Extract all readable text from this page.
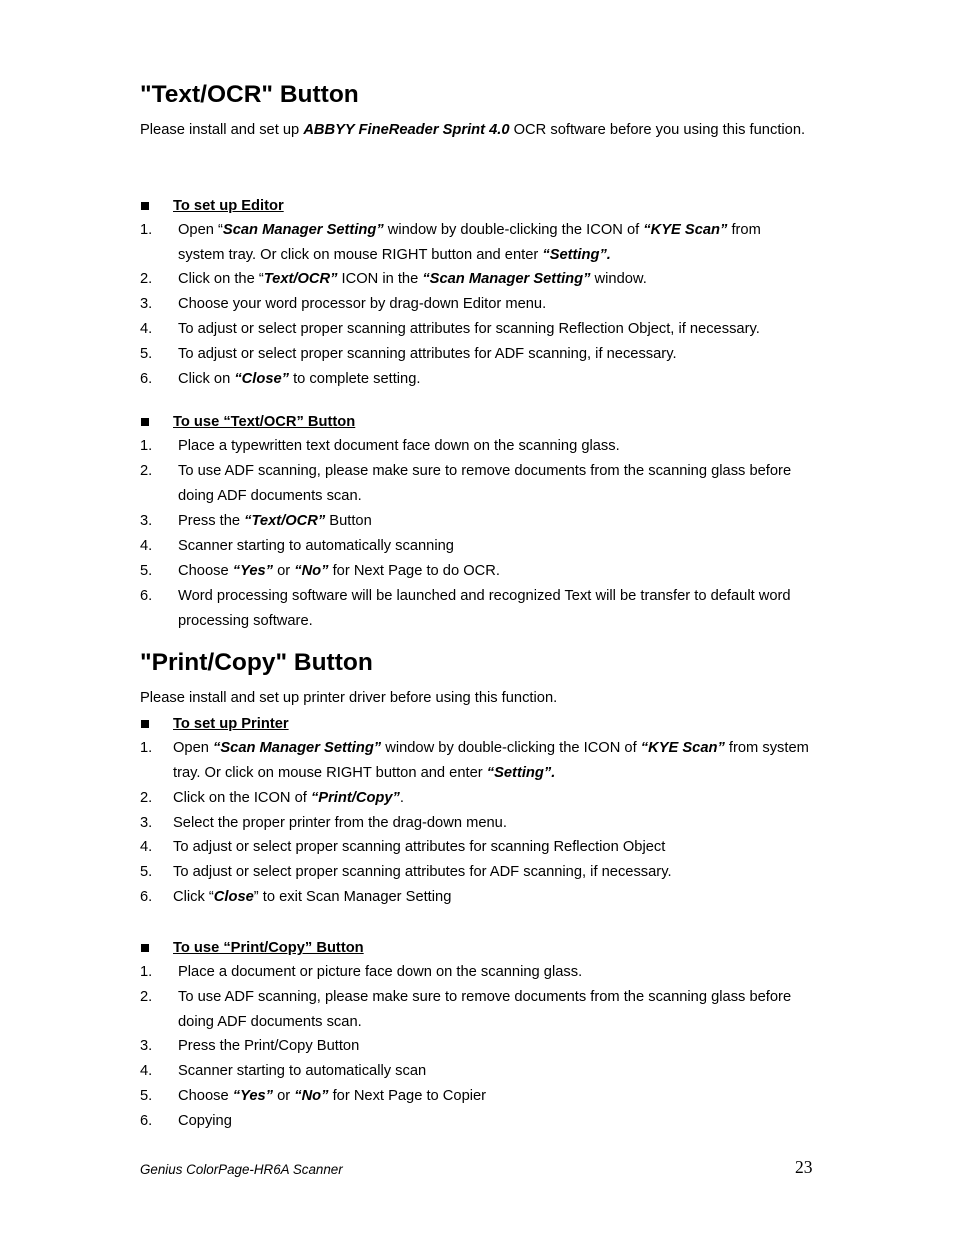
"Text/OCR" Button
Please install and set up ABBYY FineReader Sprint 4.0 OCR software before you using this function.
To set up Editor
1. Open “Scan Manager Setting” window by double-clicking the ICON of “KYE Scan” from system tray. Or click on mouse RIGHT button and enter “Setting”.
2. Click on the “Text/OCR” ICON in the “Scan Manager Setting” window.
3. Choose your word processor by drag-down Editor menu.
4. To adjust or select proper scanning attributes for scanning Reflection Object, if necessary.
5. To adjust or select proper scanning attributes for ADF scanning, if necessary.
6. Click on “Close” to complete setting.
To use “Text/OCR” Button
1. Place a typewritten text document face down on the scanning glass.
2. To use ADF scanning, please make sure to remove documents from the scanning glass before doing ADF documents scan.
3. Press the “Text/OCR” Button
4. Scanner starting to automatically scanning
5. Choose “Yes” or “No” for Next Page to do OCR.
6. Word processing software will be launched and recognized Text will be transfer to default word processing software.
"Print/Copy" Button
Please install and set up printer driver before using this function.
To set up Printer
1. Open “Scan Manager Setting” window by double-clicking the ICON of “KYE Scan” from system tray. Or click on mouse RIGHT button and enter “Setting”.
2. Click on the ICON of “Print/Copy”.
3. Select the proper printer from the drag-down menu.
4. To adjust or select proper scanning attributes for scanning Reflection Object
5. To adjust or select proper scanning attributes for ADF scanning, if necessary.
6. Click “Close” to exit Scan Manager Setting
To use “Print/Copy” Button
1. Place a document or picture face down on the scanning glass.
2. To use ADF scanning, please make sure to remove documents from the scanning glass before doing ADF documents scan.
3. Press the Print/Copy Button
4. Scanner starting to automatically scan
5. Choose “Yes” or “No” for Next Page to Copier
6. Copying
Genius ColorPage-HR6A Scanner	23
